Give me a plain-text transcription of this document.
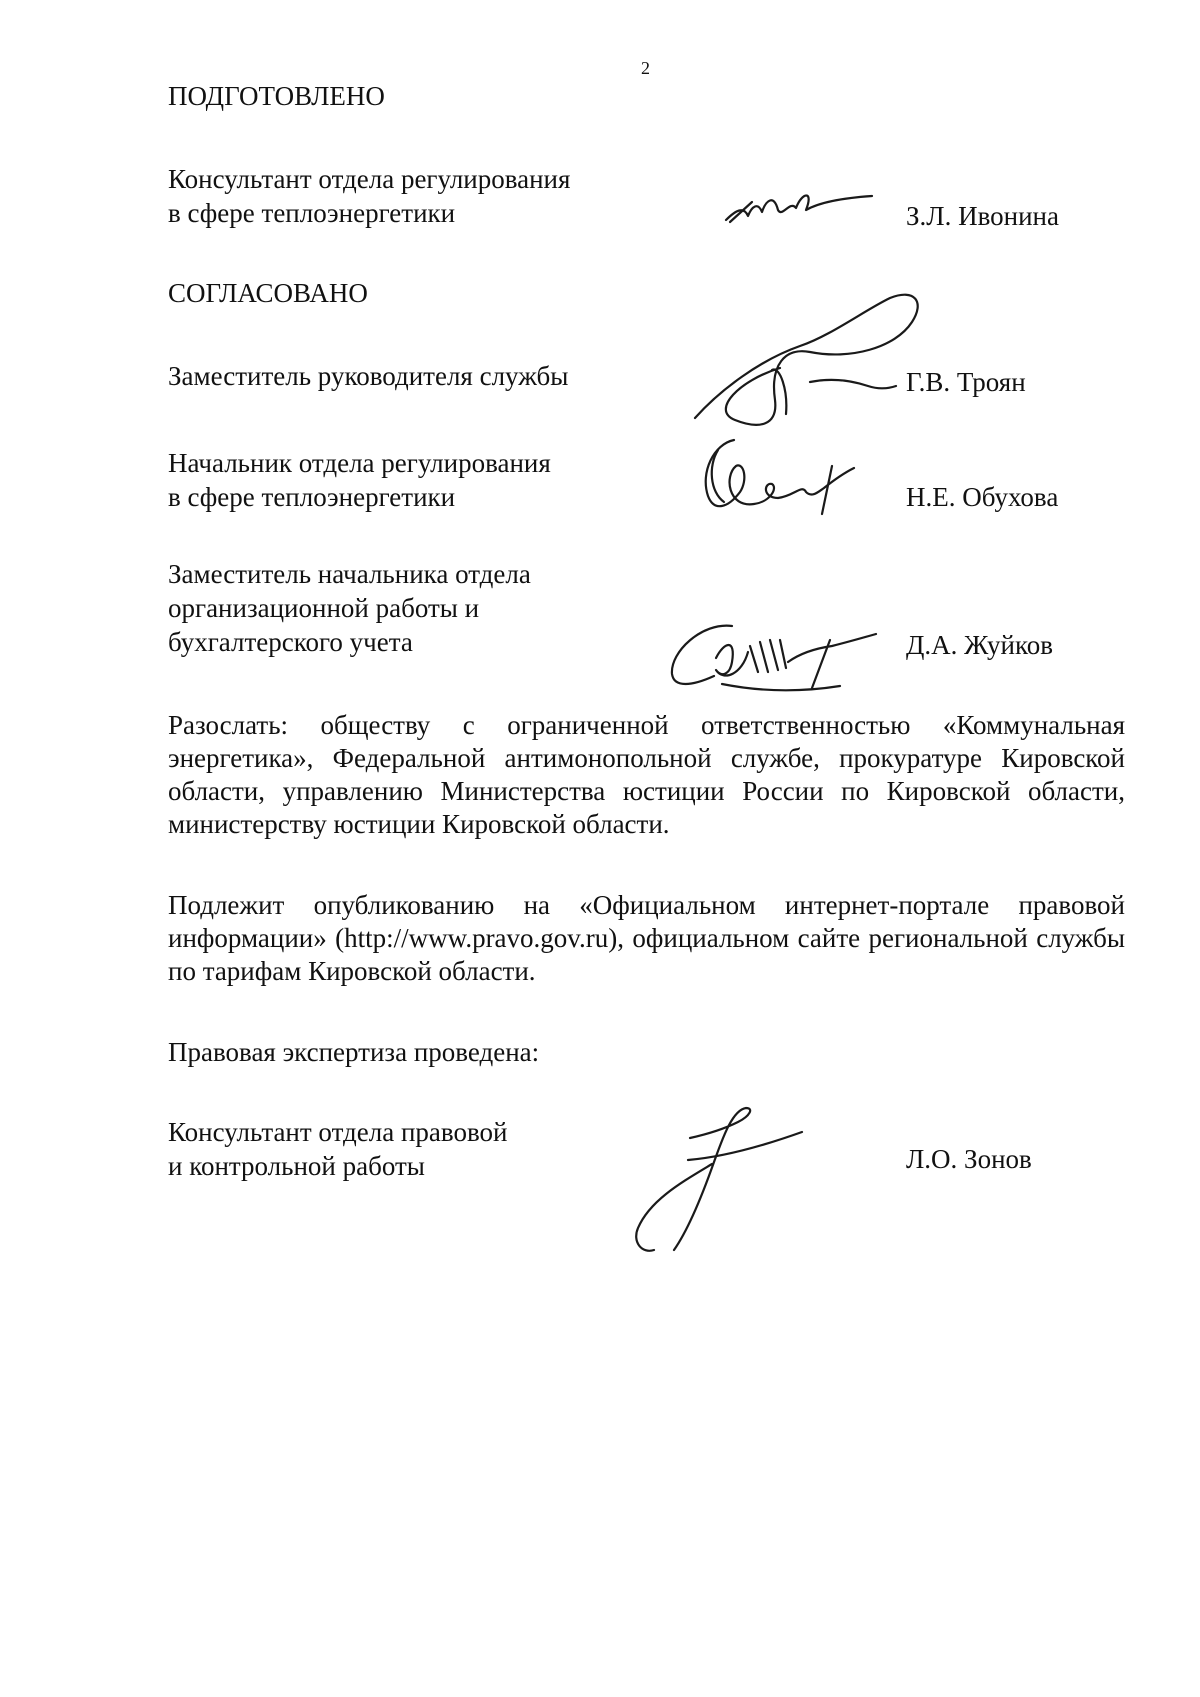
2

ПОДГОТОВЛЕНО

Консультант отдела регулирования
в сфере теплоэнергетики	З.Л. Ивонина

СОГЛАСОВАНО

Заместитель руководителя службы	Г.В. Троян

Начальник отдела регулирования
в сфере теплоэнергетики	Н.Е. Обухова

Заместитель начальника отдела
организационной работы и
бухгалтерского учета	Д.А. Жуйков

Разослать: обществу с ограниченной ответственностью «Коммунальная энергетика», Федеральной антимонопольной службе, прокуратуре Кировской области, управлению Министерства юстиции России по Кировской области, министерству юстиции Кировской области.

Подлежит опубликованию на «Официальном интернет-портале правовой информации» (http://www.pravo.gov.ru), официальном сайте региональной службы по тарифам Кировской области.

Правовая экспертиза проведена:

Консультант отдела правовой
и контрольной работы	Л.О. Зонов
